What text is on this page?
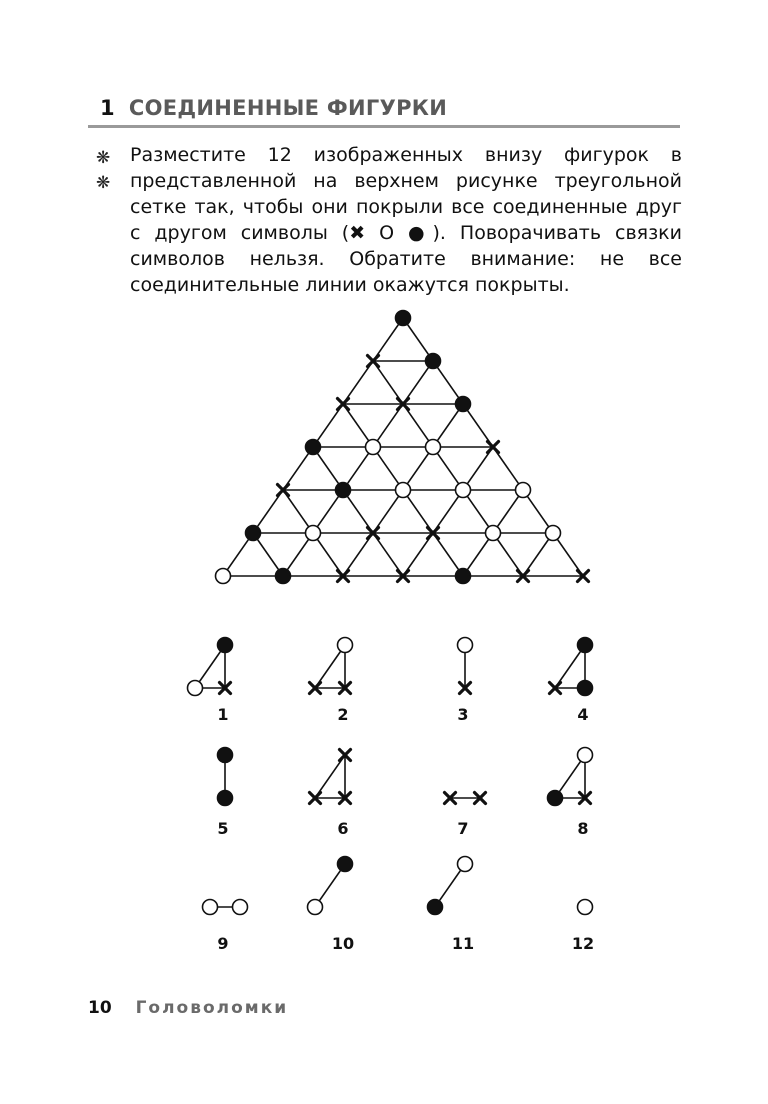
1 СОЕДИНЕННЫЕ ФИГУРКИ
❋
❋
Разместите 12 изображенных внизу фигурок в представленной на верхнем рисунке треугольной сетке так, чтобы они покрыли все соединенные друг с другом символы (✖ O ●). Поворачивать связки символов нельзя. Обратите внимание: не все соединительные линии окажутся покрыты.
1	2	3	4
5	6	7	8
9	10	11	12
10 Головоломки
